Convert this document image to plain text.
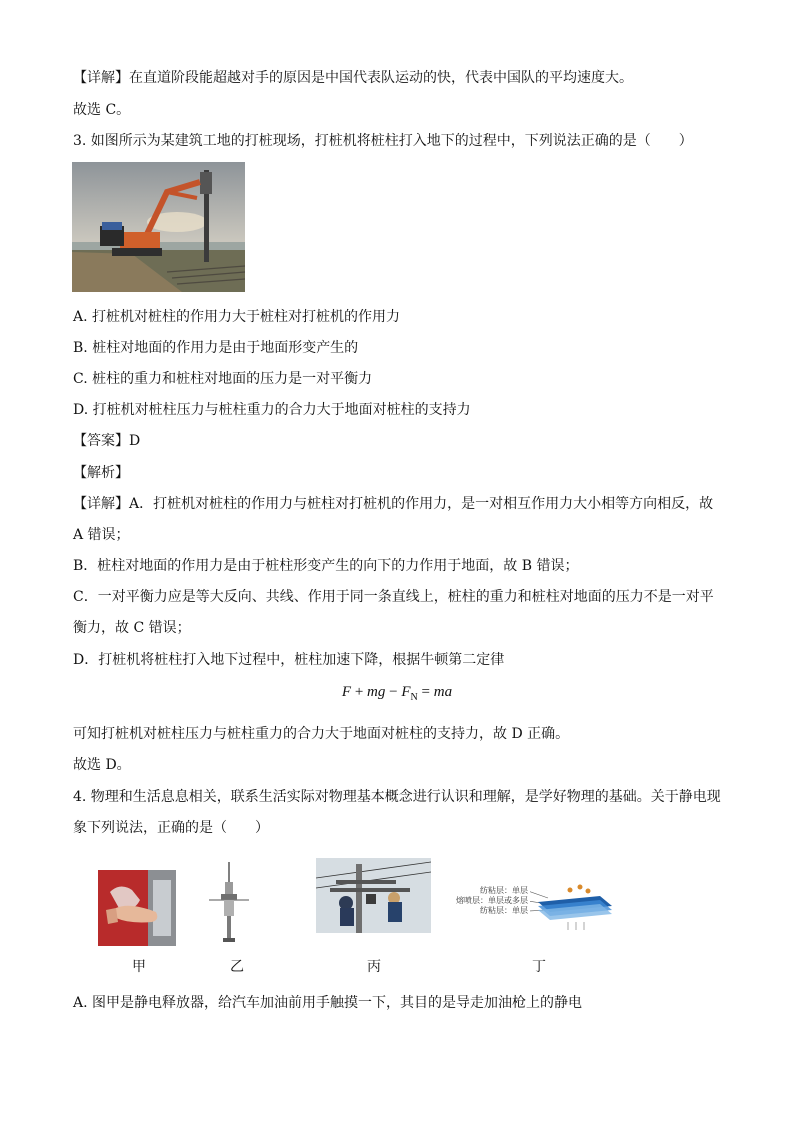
【详解】在直道阶段能超越对手的原因是中国代表队运动的快，代表中国队的平均速度大。
故选 C。
3. 如图所示为某建筑工地的打桩现场，打桩机将桩柱打入地下的过程中，下列说法正确的是（　　）
A. 打桩机对桩柱的作用力大于桩柱对打桩机的作用力
B. 桩柱对地面的作用力是由于地面形变产生的
C. 桩柱的重力和桩柱对地面的压力是一对平衡力
D. 打桩机对桩柱压力与桩柱重力的合力大于地面对桩柱的支持力
【答案】D
【解析】
【详解】A．打桩机对桩柱的作用力与桩柱对打桩机的作用力，是一对相互作用力大小相等方向相反，故
A 错误；
B．桩柱对地面的作用力是由于桩柱形变产生的向下的力作用于地面，故 B 错误；
C．一对平衡力应是等大反向、共线、作用于同一条直线上，桩柱的重力和桩柱对地面的压力不是一对平
衡力，故 C 错误；
D．打桩机将桩柱打入地下过程中，桩柱加速下降，根据牛顿第二定律
F + mg − $F_N$ = ma
可知打桩机对桩柱压力与桩柱重力的合力大于地面对桩柱的支持力，故 D 正确。
故选 D。
4. 物理和生活息息相关，联系生活实际对物理基本概念进行认识和理解，是学好物理的基础。关于静电现
象下列说法，正确的是（　　）
纺粘层：单层
熔喷层：单层或多层
纺粘层：单层
甲	乙	丙	丁
A. 图甲是静电释放器，给汽车加油前用手触摸一下，其目的是导走加油枪上的静电
